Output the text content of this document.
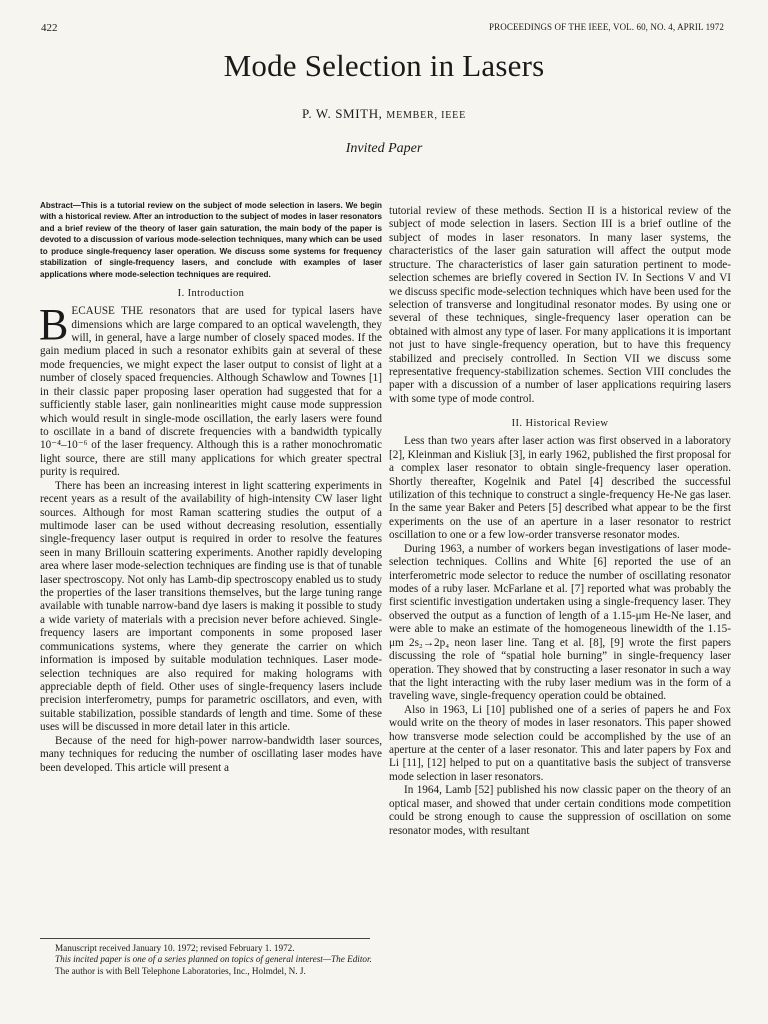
422	PROCEEDINGS OF THE IEEE, VOL. 60, NO. 4, APRIL 1972
Mode Selection in Lasers
P. W. SMITH, MEMBER, IEEE
Invited Paper

Abstract—This is a tutorial review on the subject of mode selection in lasers. We begin with a historical review. After an introduction to the subject of modes in laser resonators and a brief review of the theory of laser gain saturation, the main body of the paper is devoted to a discussion of various mode-selection techniques, many which can be used to produce single-frequency laser operation. We discuss some systems for frequency stabilization of single-frequency lasers, and conclude with examples of laser applications where mode-selection techniques are required.

I. Introduction

BECAUSE THE resonators that are used for typical lasers have dimensions which are large compared to an optical wavelength, they will, in general, have a large number of closely spaced modes. If the gain medium placed in such a resonator exhibits gain at several of these mode frequencies, we might expect the laser output to consist of light at a number of closely spaced frequencies. Although Schawlow and Townes [1] in their classic paper proposing laser operation had suggested that for a sufficiently stable laser, gain nonlinearities might cause mode suppression which would result in single-mode oscillation, the early lasers were found to oscillate in a band of discrete frequencies with a bandwidth typically 10⁻⁴–10⁻⁶ of the laser frequency. Although this is a rather monochromatic light source, there are still many applications for which greater spectral purity is required.

There has been an increasing interest in light scattering experiments in recent years as a result of the availability of high-intensity CW laser light sources. Although for most Raman scattering studies the output of a multimode laser can be used without decreasing resolution, essentially single-frequency laser output is required in order to resolve the features seen in many Brillouin scattering experiments. Another rapidly developing area where laser mode-selection techniques are finding use is that of tunable laser spectroscopy. Not only has Lamb-dip spectroscopy enabled us to study the properties of the laser transitions themselves, but the large tuning range available with tunable narrow-band dye lasers is making it possible to study a wide variety of materials with a precision never before achieved. Single-frequency lasers are important components in some proposed laser communications systems, where they generate the carrier on which information is imposed by suitable modulation techniques. Laser mode-selection techniques are also required for making holograms with appreciable depth of field. Other uses of single-frequency lasers include precision interferometry, pumps for parametric oscillators, and even, with suitable stabilization, possible standards of length and time. Some of these uses will be discussed in more detail later in this article.

Because of the need for high-power narrow-bandwidth laser sources, many techniques for reducing the number of oscillating laser modes have been developed. This article will present a

tutorial review of these methods. Section II is a historical review of the subject of mode selection in lasers. Section III is a brief outline of the subject of modes in laser resonators. In many laser systems, the characteristics of the laser gain saturation will affect the output mode structure. The characteristics of laser gain saturation pertinent to mode-selection schemes are briefly covered in Section IV. In Sections V and VI we discuss specific mode-selection techniques which have been used for the selection of transverse and longitudinal resonator modes. By using one or several of these techniques, single-frequency laser operation can be obtained with almost any type of laser. For many applications it is important not just to have single-frequency operation, but to have this frequency stabilized and precisely controlled. In Section VII we discuss some representative frequency-stabilization schemes. Section VIII concludes the paper with a discussion of a number of laser applications requiring lasers with some type of mode control.

II. Historical Review

Less than two years after laser action was first observed in a laboratory [2], Kleinman and Kisliuk [3], in early 1962, published the first proposal for a complex laser resonator to obtain single-frequency laser operation. Shortly thereafter, Kogelnik and Patel [4] described the successful utilization of this technique to construct a single-frequency He-Ne gas laser. In the same year Baker and Peters [5] described what appear to be the first experiments on the use of an aperture in a laser resonator to restrict oscillation to one or a few low-order transverse resonator modes.

During 1963, a number of workers began investigations of laser mode-selection techniques. Collins and White [6] reported the use of an interferometric mode selector to reduce the number of oscillating resonator modes of a ruby laser. McFarlane et al. [7] reported what was probably the first scientific investigation undertaken using a single-frequency laser. They observed the output as a function of length of a 1.15-μm He-Ne laser, and were able to make an estimate of the homogeneous linewidth of the 1.15-μm 2s₂→2p₄ neon laser line. Tang et al. [8], [9] wrote the first papers discussing the role of “spatial hole burning” in single-frequency laser operation. They showed that by constructing a laser resonator in such a way that the light interacting with the ruby laser medium was in the form of a traveling wave, single-frequency operation could be obtained.

Also in 1963, Li [10] published one of a series of papers he and Fox would write on the theory of modes in laser resonators. This paper showed how transverse mode selection could be accomplished by the use of an aperture at the center of a laser resonator. This and later papers by Fox and Li [11], [12] helped to put on a quantitative basis the subject of transverse mode selection in laser resonators.

In 1964, Lamb [52] published his now classic paper on the theory of an optical maser, and showed that under certain conditions mode competition could be strong enough to cause the suppression of oscillation on some resonator modes, with resultant

Manuscript received January 10. 1972; revised February 1. 1972.
This incited paper is one of a series planned on topics of general interest—The Editor.
The author is with Bell Telephone Laboratories, Inc., Holmdel, N. J.
